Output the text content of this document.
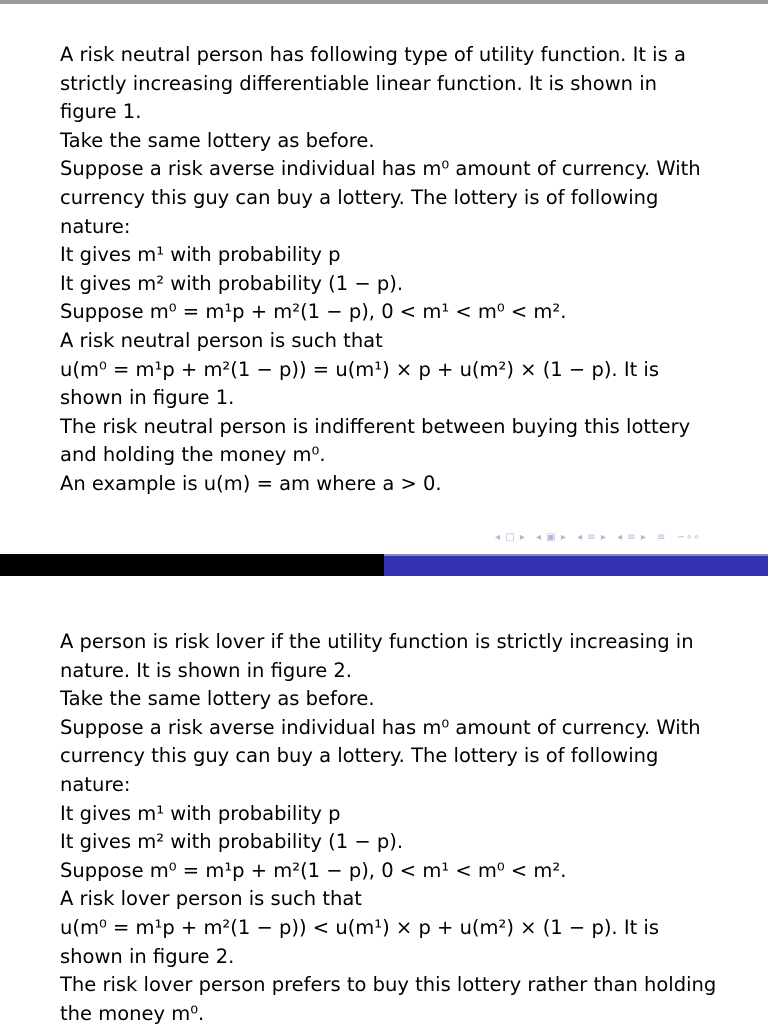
A risk neutral person has following type of utility function. It is a
strictly increasing differentiable linear function. It is shown in
figure 1.
Take the same lottery as before.
Suppose a risk averse individual has m⁰ amount of currency. With
currency this guy can buy a lottery. The lottery is of following
nature:
It gives m¹ with probability p
It gives m² with probability (1 − p).
Suppose m⁰ = m¹p + m²(1 − p), 0 < m¹ < m⁰ < m².
A risk neutral person is such that
u(m⁰ = m¹p + m²(1 − p)) = u(m¹) × p + u(m²) × (1 − p). It is
shown in figure 1.
The risk neutral person is indifferent between buying this lottery
and holding the money m⁰.
An example is u(m) = am where a > 0.
◂ □ ▸ ◂ ▣ ▸ ◂ ≡ ▸ ◂ ≡ ▸ ≡ ∽∘∘
A person is risk lover if the utility function is strictly increasing in
nature. It is shown in figure 2.
Take the same lottery as before.
Suppose a risk averse individual has m⁰ amount of currency. With
currency this guy can buy a lottery. The lottery is of following
nature:
It gives m¹ with probability p
It gives m² with probability (1 − p).
Suppose m⁰ = m¹p + m²(1 − p), 0 < m¹ < m⁰ < m².
A risk lover person is such that
u(m⁰ = m¹p + m²(1 − p)) < u(m¹) × p + u(m²) × (1 − p). It is
shown in figure 2.
The risk lover person prefers to buy this lottery rather than holding
the money m⁰.
